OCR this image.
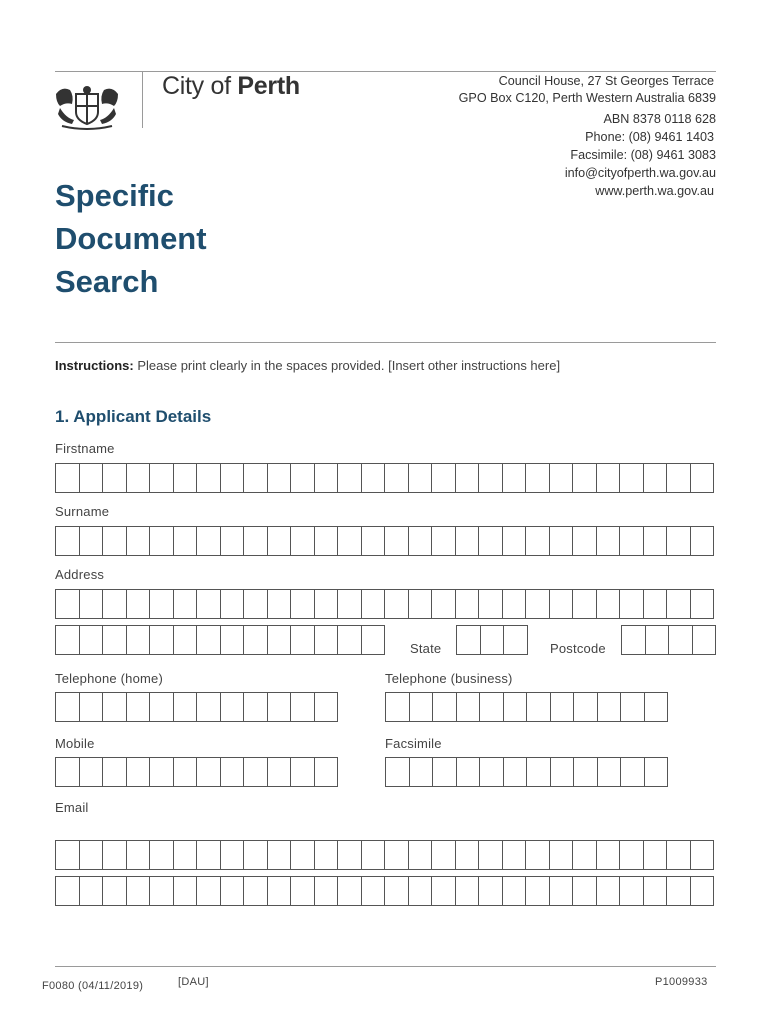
City of Perth	Council House, 27 St Georges Terrace
GPO Box C120, Perth Western Australia 6839
ABN 8378 0118 628
Phone: (08) 9461 1403
Facsimile: (08) 9461 3083
info@cityofperth.wa.gov.au
www.perth.wa.gov.au
Specific
Document
Search
Instructions: Please print clearly in the spaces provided. [Insert other instructions here]
1. Applicant Details
Firstname
Surname
Address
State	Postcode
Telephone (home)	Telephone (business)
Mobile	Facsimile
Email
F0080 (04/11/2019)	[DAU]	P1009933
